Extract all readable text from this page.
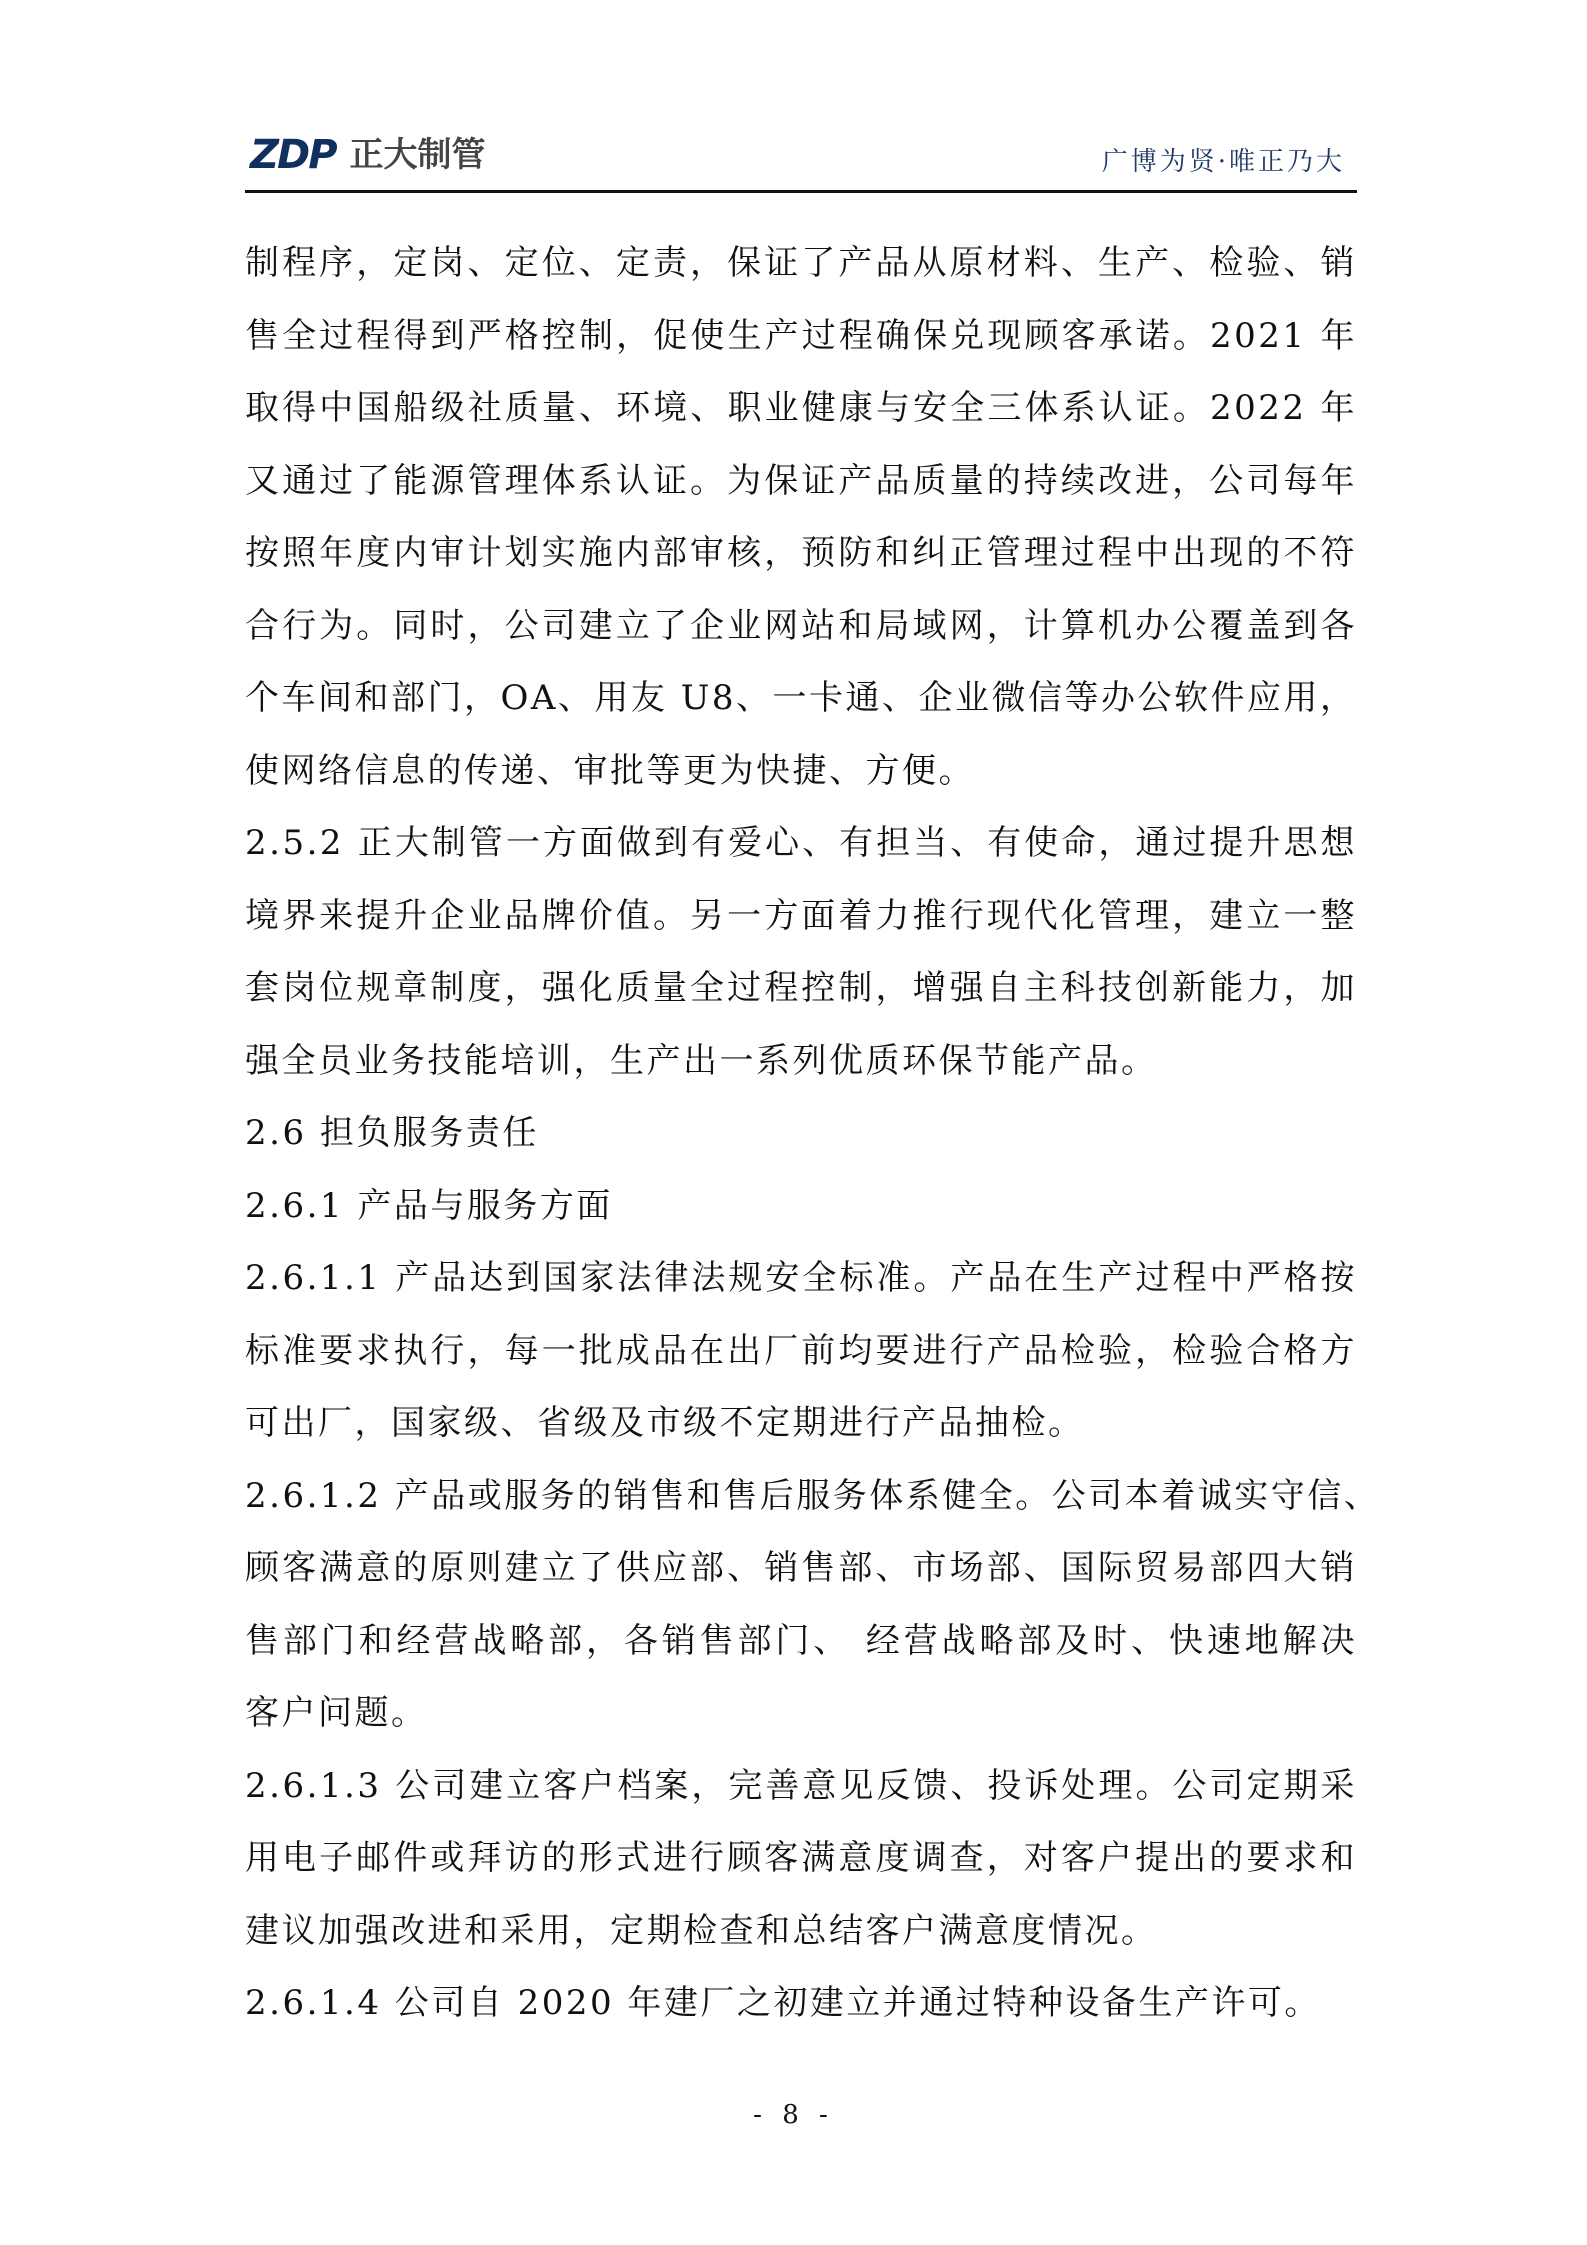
ZDP 正大制管	广博为贤·唯正乃大
制程序，定岗、定位、定责，保证了产品从原材料、生产、检验、销
售全过程得到严格控制，促使生产过程确保兑现顾客承诺。2021 年
取得中国船级社质量、环境、职业健康与安全三体系认证。2022 年
又通过了能源管理体系认证。为保证产品质量的持续改进，公司每年
按照年度内审计划实施内部审核，预防和纠正管理过程中出现的不符
合行为。同时，公司建立了企业网站和局域网，计算机办公覆盖到各
个车间和部门，OA、用友 U8、一卡通、企业微信等办公软件应用，
使网络信息的传递、审批等更为快捷、方便。
2.5.2 正大制管一方面做到有爱心、有担当、有使命，通过提升思想
境界来提升企业品牌价值。另一方面着力推行现代化管理，建立一整
套岗位规章制度，强化质量全过程控制，增强自主科技创新能力，加
强全员业务技能培训，生产出一系列优质环保节能产品。
2.6 担负服务责任
2.6.1 产品与服务方面
2.6.1.1 产品达到国家法律法规安全标准。产品在生产过程中严格按
标准要求执行，每一批成品在出厂前均要进行产品检验，检验合格方
可出厂，国家级、省级及市级不定期进行产品抽检。
2.6.1.2 产品或服务的销售和售后服务体系健全。公司本着诚实守信、
顾客满意的原则建立了供应部、销售部、市场部、国际贸易部四大销
售部门和经营战略部，各销售部门、 经营战略部及时、快速地解决
客户问题。
2.6.1.3 公司建立客户档案，完善意见反馈、投诉处理。公司定期采
用电子邮件或拜访的形式进行顾客满意度调查，对客户提出的要求和
建议加强改进和采用，定期检查和总结客户满意度情况。
2.6.1.4 公司自 2020 年建厂之初建立并通过特种设备生产许可。
- 8 -
